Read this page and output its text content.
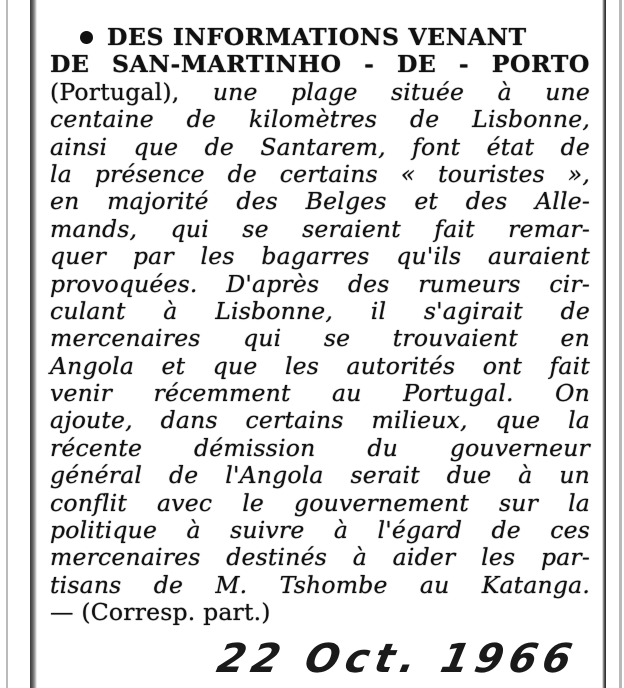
DES INFORMATIONS VENANT
DE SAN-MARTINHO - DE - PORTO
(Portugal), une plage située à une
centaine de kilomètres de Lisbonne,
ainsi que de Santarem, font état de
la présence de certains « touristes »,
en majorité des Belges et des Alle-
mands, qui se seraient fait remar-
quer par les bagarres qu'ils auraient
provoquées. D'après des rumeurs cir-
culant à Lisbonne, il s'agirait de
mercenaires qui se trouvaient en
Angola et que les autorités ont fait
venir récemment au Portugal. On
ajoute, dans certains milieux, que la
récente démission du gouverneur
général de l'Angola serait due à un
conflit avec le gouvernement sur la
politique à suivre à l'égard de ces
mercenaires destinés à aider les par-
tisans de M. Tshombe au Katanga.
— (Corresp. part.)
22 Oct. 1966
